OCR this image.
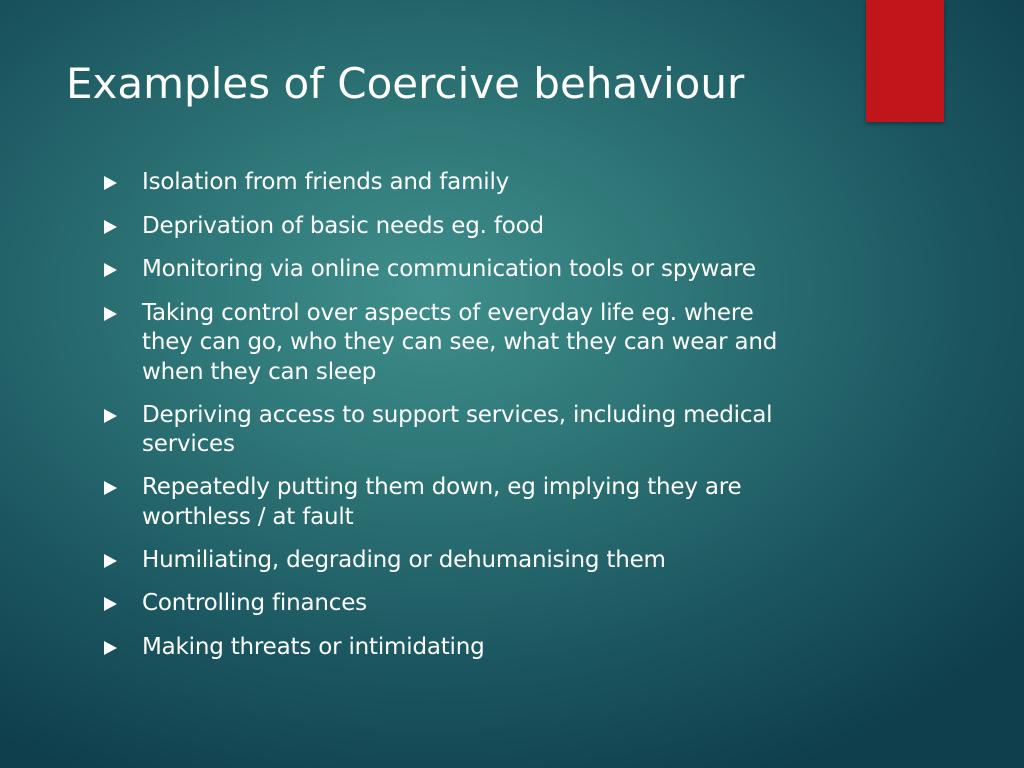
Examples of Coercive behaviour
Isolation from friends and family
Deprivation of basic needs eg. food
Monitoring via online communication tools or spyware
Taking control over aspects of everyday life eg. where they can go, who they can see, what they can wear and when they can sleep
Depriving access to support services, including medical services
Repeatedly putting them down, eg implying they are worthless / at fault
Humiliating, degrading or dehumanising them
Controlling finances
Making threats or intimidating
